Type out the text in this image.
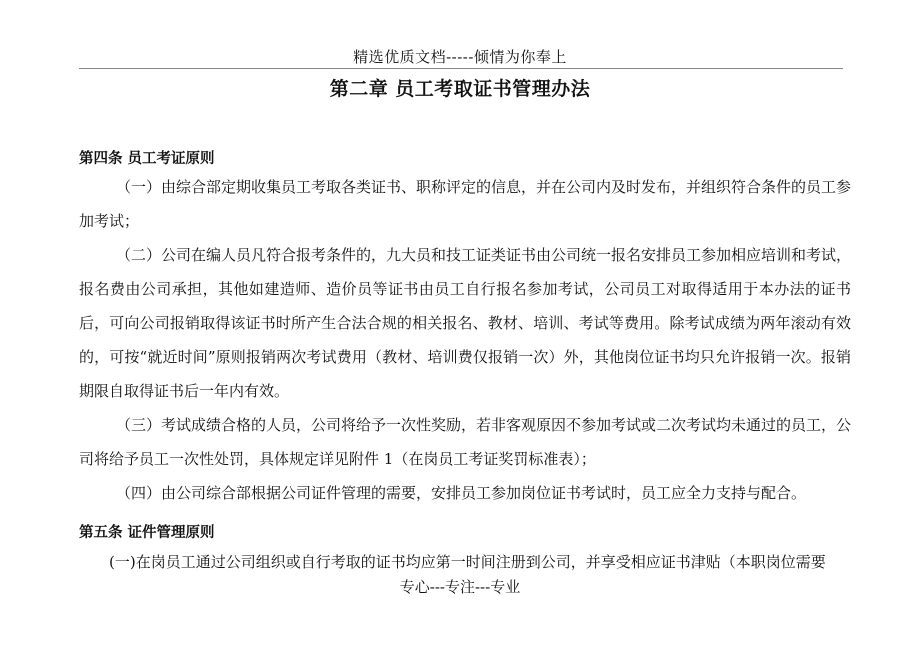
精选优质文档-----倾情为你奉上
第二章 员工考取证书管理办法
第四条 员工考证原则
（一）由综合部定期收集员工考取各类证书、职称评定的信息，并在公司内及时发布，并组织符合条件的员工参加考试；
（二）公司在编人员凡符合报考条件的，九大员和技工证类证书由公司统一报名安排员工参加相应培训和考试，报名费由公司承担，其他如建造师、造价员等证书由员工自行报名参加考试，公司员工对取得适用于本办法的证书后，可向公司报销取得该证书时所产生合法合规的相关报名、教材、培训、考试等费用。除考试成绩为两年滚动有效的，可按“就近时间”原则报销两次考试费用（教材、培训费仅报销一次）外，其他岗位证书均只允许报销一次。报销期限自取得证书后一年内有效。
（三）考试成绩合格的人员，公司将给予一次性奖励，若非客观原因不参加考试或二次考试均未通过的员工，公司将给予员工一次性处罚，具体规定详见附件 1（在岗员工考证奖罚标准表）；
（四）由公司综合部根据公司证件管理的需要，安排员工参加岗位证书考试时，员工应全力支持与配合。
第五条 证件管理原则
(一)在岗员工通过公司组织或自行考取的证书均应第一时间注册到公司，并享受相应证书津贴（本职岗位需要
专心---专注---专业
